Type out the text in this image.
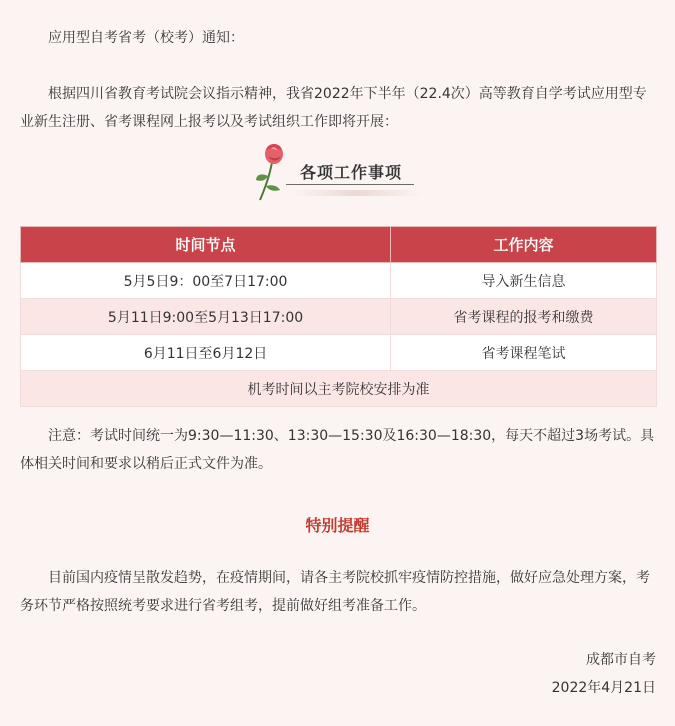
应用型自考省考（校考）通知：

根据四川省教育考试院会议指示精神，我省2022年下半年（22.4次）高等教育自学考试应用型专业新生注册、省考课程网上报考以及考试组织工作即将开展：

各项工作事项
时间节点	工作内容
5月5日9：00至7日17:00	导入新生信息
5月11日9:00至5月13日17:00	省考课程的报考和缴费
6月11日至6月12日	省考课程笔试
机考时间以主考院校安排为准	

注意：考试时间统一为9:30—11:30、13:30—15:30及16:30—18:30，每天不超过3场考试。具体相关时间和要求以稍后正式文件为准。

特别提醒

目前国内疫情呈散发趋势，在疫情期间，请各主考院校抓牢疫情防控措施，做好应急处理方案，考务环节严格按照统考要求进行省考组考，提前做好组考准备工作。

成都市自考
2022年4月21日
